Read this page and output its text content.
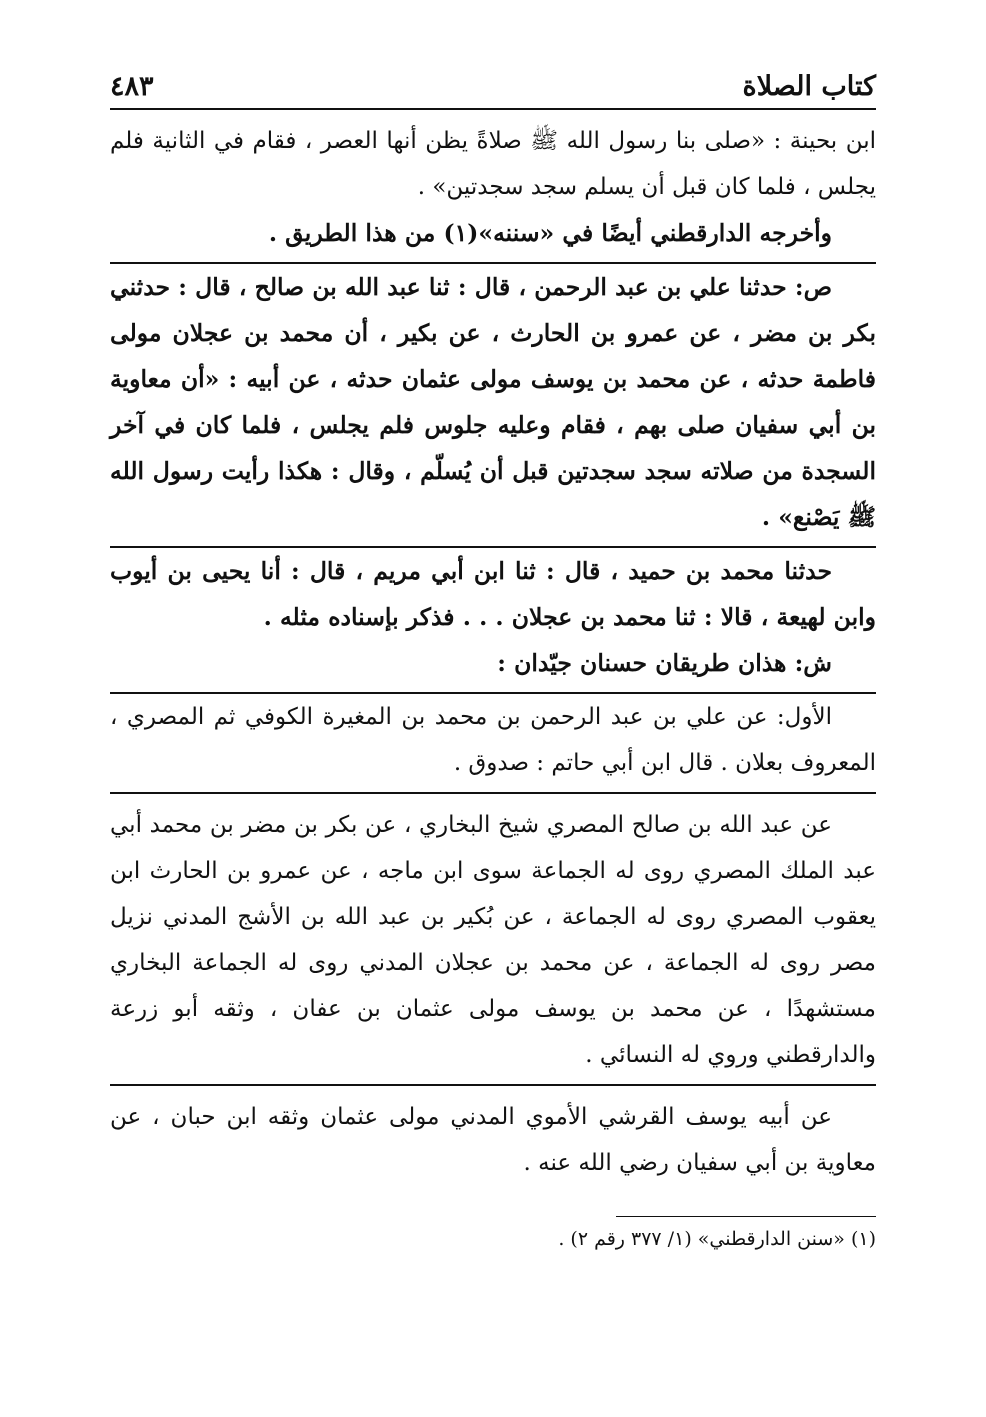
كتاب الصلاة
٤٨٣

ابن بحينة : «صلى بنا رسول الله ﷺ صلاةً يظن أنها العصر ، فقام في الثانية فلم يجلس ، فلما كان قبل أن يسلم سجد سجدتين» .

وأخرجه الدارقطني أيضًا في «سننه»(١) من هذا الطريق .

ص: حدثنا علي بن عبد الرحمن ، قال : ثنا عبد الله بن صالح ، قال : حدثني بكر بن مضر ، عن عمرو بن الحارث ، عن بكير ، أن محمد بن عجلان مولى فاطمة حدثه ، عن محمد بن يوسف مولى عثمان حدثه ، عن أبيه : «أن معاوية بن أبي سفيان صلى بهم ، فقام وعليه جلوس فلم يجلس ، فلما كان في آخر السجدة من صلاته سجد سجدتين قبل أن يُسلّم ، وقال : هكذا رأيت رسول الله ﷺ يَصْنع» .

حدثنا محمد بن حميد ، قال : ثنا ابن أبي مريم ، قال : أنا يحيى بن أيوب وابن لهيعة ، قالا : ثنا محمد بن عجلان . . . فذكر بإسناده مثله .

ش: هذان طريقان حسنان جيّدان :

الأول: عن علي بن عبد الرحمن بن محمد بن المغيرة الكوفي ثم المصري ، المعروف بعلان . قال ابن أبي حاتم : صدوق .

عن عبد الله بن صالح المصري شيخ البخاري ، عن بكر بن مضر بن محمد أبي عبد الملك المصري روى له الجماعة سوى ابن ماجه ، عن عمرو بن الحارث ابن يعقوب المصري روى له الجماعة ، عن بُكير بن عبد الله بن الأشج المدني نزيل مصر روى له الجماعة ، عن محمد بن عجلان المدني روى له الجماعة البخاري مستشهدًا ، عن محمد بن يوسف مولى عثمان بن عفان ، وثقه أبو زرعة والدارقطني وروي له النسائي .

عن أبيه يوسف القرشي الأموي المدني مولى عثمان وثقه ابن حبان ، عن معاوية بن أبي سفيان رضي الله عنه .

(١) «سنن الدارقطني» (١/ ٣٧٧ رقم ٢) .
